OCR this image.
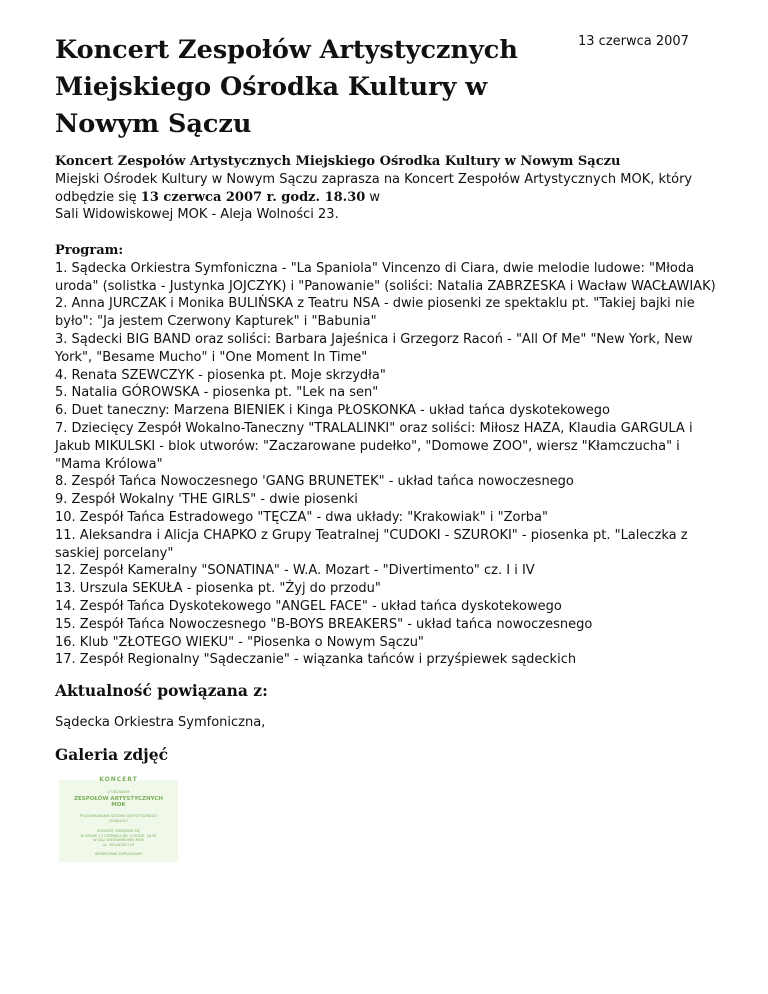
13 czerwca 2007
Koncert Zespołów Artystycznych
Miejskiego Ośrodka Kultury w
Nowym Sączu
Koncert Zespołów Artystycznych Miejskiego Ośrodka Kultury w Nowym Sączu
Miejski Ośrodek Kultury w Nowym Sączu zaprasza na Koncert Zespołów Artystycznych MOK, który odbędzie się 13 czerwca 2007 r. godz. 18.30 w
Sali Widowiskowej MOK - Aleja Wolności 23.
Program:
1. Sądecka Orkiestra Symfoniczna - "La Spaniola" Vincenzo di Ciara, dwie melodie ludowe: "Młoda uroda" (solistka - Justynka JOJCZYK) i "Panowanie" (soliści: Natalia ZABRZESKA i Wacław WACŁAWIAK)
2. Anna JURCZAK i Monika BULIŃSKA z Teatru NSA - dwie piosenki ze spektaklu pt. "Takiej bajki nie było": "Ja jestem Czerwony Kapturek" i "Babunia"
3. Sądecki BIG BAND oraz soliści: Barbara Jajeśnica i Grzegorz Racoń - "All Of Me" "New York, New York", "Besame Mucho" i "One Moment In Time"
4. Renata SZEWCZYK - piosenka pt. Moje skrzydła"
5. Natalia GÓROWSKA - piosenka pt. "Lek na sen"
6. Duet taneczny: Marzena BIENIEK i Kinga PŁOSKONKA - układ tańca dyskotekowego
7. Dziecięcy Zespół Wokalno-Taneczny "TRALALINKI" oraz soliści: Miłosz HAZA, Klaudia GARGULA i Jakub MIKULSKI - blok utworów: "Zaczarowane pudełko", "Domowe ZOO", wiersz "Kłamczucha" i "Mama Królowa"
8. Zespół Tańca Nowoczesnego 'GANG BRUNETEK" - układ tańca nowoczesnego
9. Zespół Wokalny 'THE GIRLS" - dwie piosenki
10. Zespół Tańca Estradowego "TĘCZA" - dwa układy: "Krakowiak" i "Zorba"
11. Aleksandra i Alicja CHAPKO z Grupy Teatralnej "CUDOKI - SZUROKI" - piosenka pt. "Laleczka z saskiej porcelany"
12. Zespół Kameralny "SONATINA" - W.A. Mozart - "Divertimento" cz. I i IV
13. Urszula SEKUŁA - piosenka pt. "Żyj do przodu"
14. Zespół Tańca Dyskotekowego "ANGEL FACE" - układ tańca dyskotekowego
15. Zespół Tańca Nowoczesnego "B-BOYS BREAKERS" - układ tańca nowoczesnego
16. Klub "ZŁOTEGO WIEKU" - "Piosenka o Nowym Sączu"
17. Zespół Regionalny "Sądeczanie" - wiązanka tańców i przyśpiewek sądeckich
Aktualność powiązana z:
Sądecka Orkiestra Symfoniczna,
Galeria zdjęć
KONCERT
Z UDZIAŁEM
ZESPOŁÓW ARTYSTYCZNYCH
MOK
PODSUMOWANIE SEZONU ARTYSTYCZNEGO
2006/2007
KONCERT ODBĘDZIE SIĘ
W ŚRODĘ 13 CZERWCA BR. O GODZ. 18.30
W SALI WIDOWISKOWEJ MOK
AL. WOLNOŚCI 23
SERDECZNIE ZAPRASZAMY
